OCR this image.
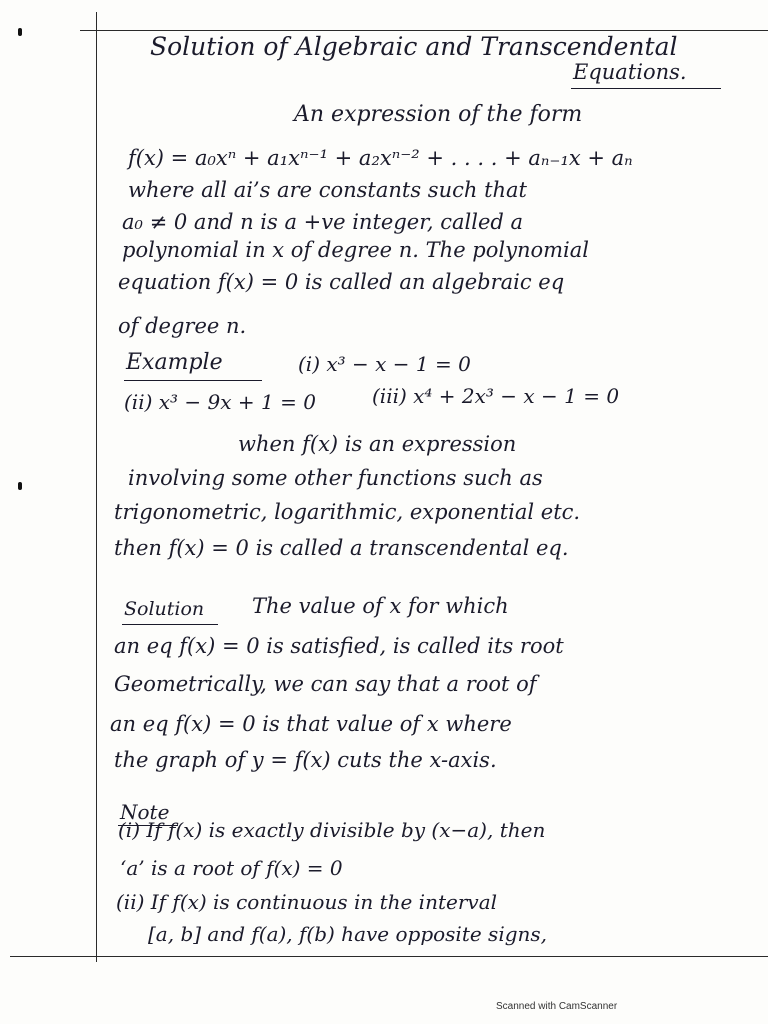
Solution of Algebraic and Transcendental

Equations.

An expression of the form

f(x) = a₀xⁿ + a₁xⁿ⁻¹ + a₂xⁿ⁻² + . . . . + aₙ₋₁x + aₙ

where all ai’s are constants such that

a₀ ≠ 0 and n is a +ve integer, called a

polynomial in x of degree n. The polynomial

equation f(x) = 0 is called an algebraic eq

of degree n.

Example	(i) x³ − x − 1 = 0

(ii) x³ − 9x + 1 = 0	(iii) x⁴ + 2x³ − x − 1 = 0

when f(x) is an expression

involving some other functions such as

trigonometric, logarithmic, exponential etc.

then f(x) = 0 is called a transcendental eq.

Solution The value of x for which

an eq f(x) = 0 is satisfied, is called its root

Geometrically, we can say that a root of

an eq f(x) = 0 is that value of x where

the graph of y = f(x) cuts the x-axis.

Note

(i) If f(x) is exactly divisible by (x−a), then

‘a’ is a root of f(x) = 0

(ii) If f(x) is continuous in the interval

[a, b] and f(a), f(b) have opposite signs,

Scanned with CamScanner
